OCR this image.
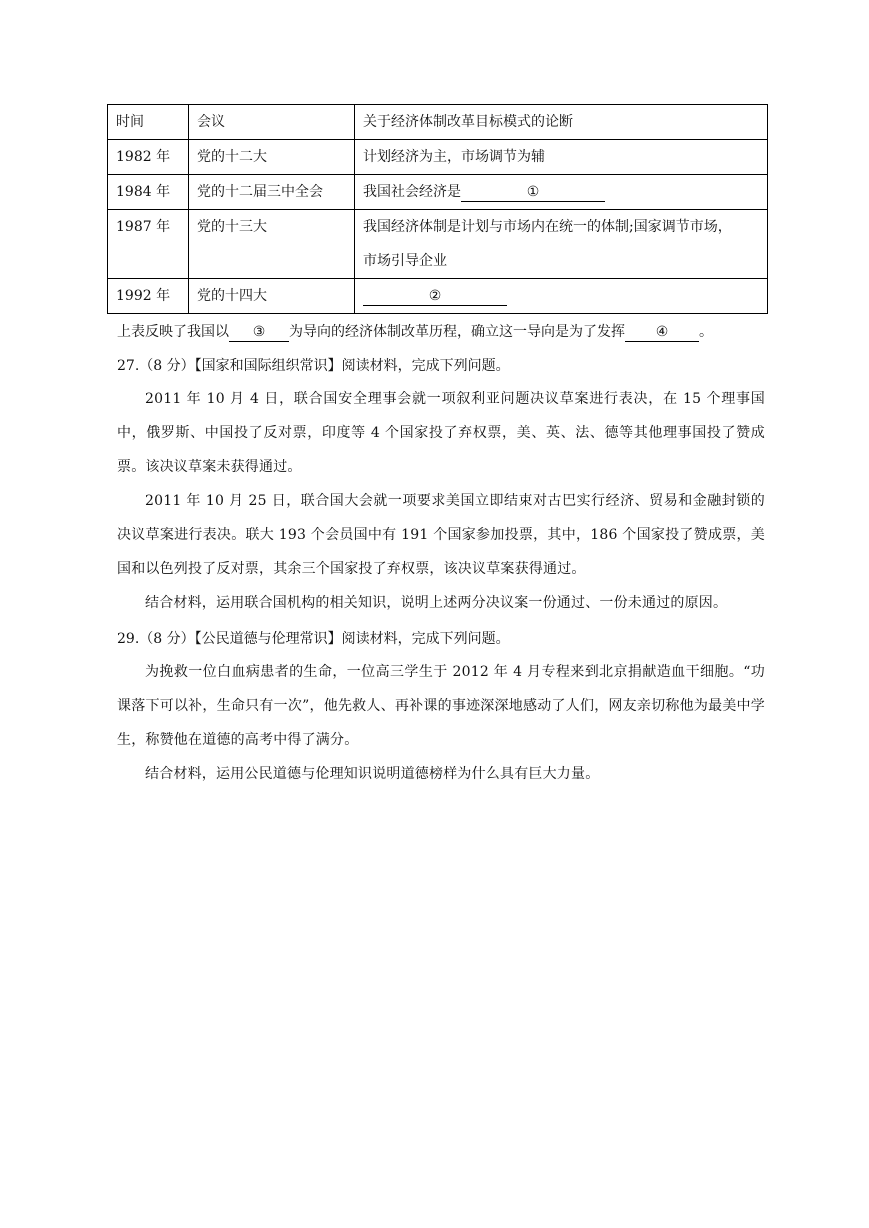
时间	会议	关于经济体制改革目标模式的论断
1982 年	党的十二大	计划经济为主，市场调节为辅
1984 年	党的十二届三中全会	我国社会经济是 ①
1987 年	党的十三大	我国经济体制是计划与市场内在统一的体制;国家调节市场，
市场引导企业

1992 年	党的十四大	②
上表反映了我国以 ③ 为导向的经济体制改革历程，确立这一导向是为了发挥 ④ 。
27.（8 分）【国家和国际组织常识】阅读材料，完成下列问题。
2011 年 10 月 4 日，联合国安全理事会就一项叙利亚问题决议草案进行表决，在 15 个理事国中，俄罗斯、中国投了反对票，印度等 4 个国家投了弃权票，美、英、法、德等其他理事国投了赞成票。该决议草案未获得通过。
2011 年 10 月 25 日，联合国大会就一项要求美国立即结束对古巴实行经济、贸易和金融封锁的决议草案进行表决。联大 193 个会员国中有 191 个国家参加投票，其中，186 个国家投了赞成票，美国和以色列投了反对票，其余三个国家投了弃权票，该决议草案获得通过。
结合材料，运用联合国机构的相关知识，说明上述两分决议案一份通过、一份未通过的原因。
29.（8 分）【公民道德与伦理常识】阅读材料，完成下列问题。
为挽救一位白血病患者的生命，一位高三学生于 2012 年 4 月专程来到北京捐献造血干细胞。“功课落下可以补，生命只有一次”，他先救人、再补课的事迹深深地感动了人们，网友亲切称他为最美中学生，称赞他在道德的高考中得了满分。
结合材料，运用公民道德与伦理知识说明道德榜样为什么具有巨大力量。
